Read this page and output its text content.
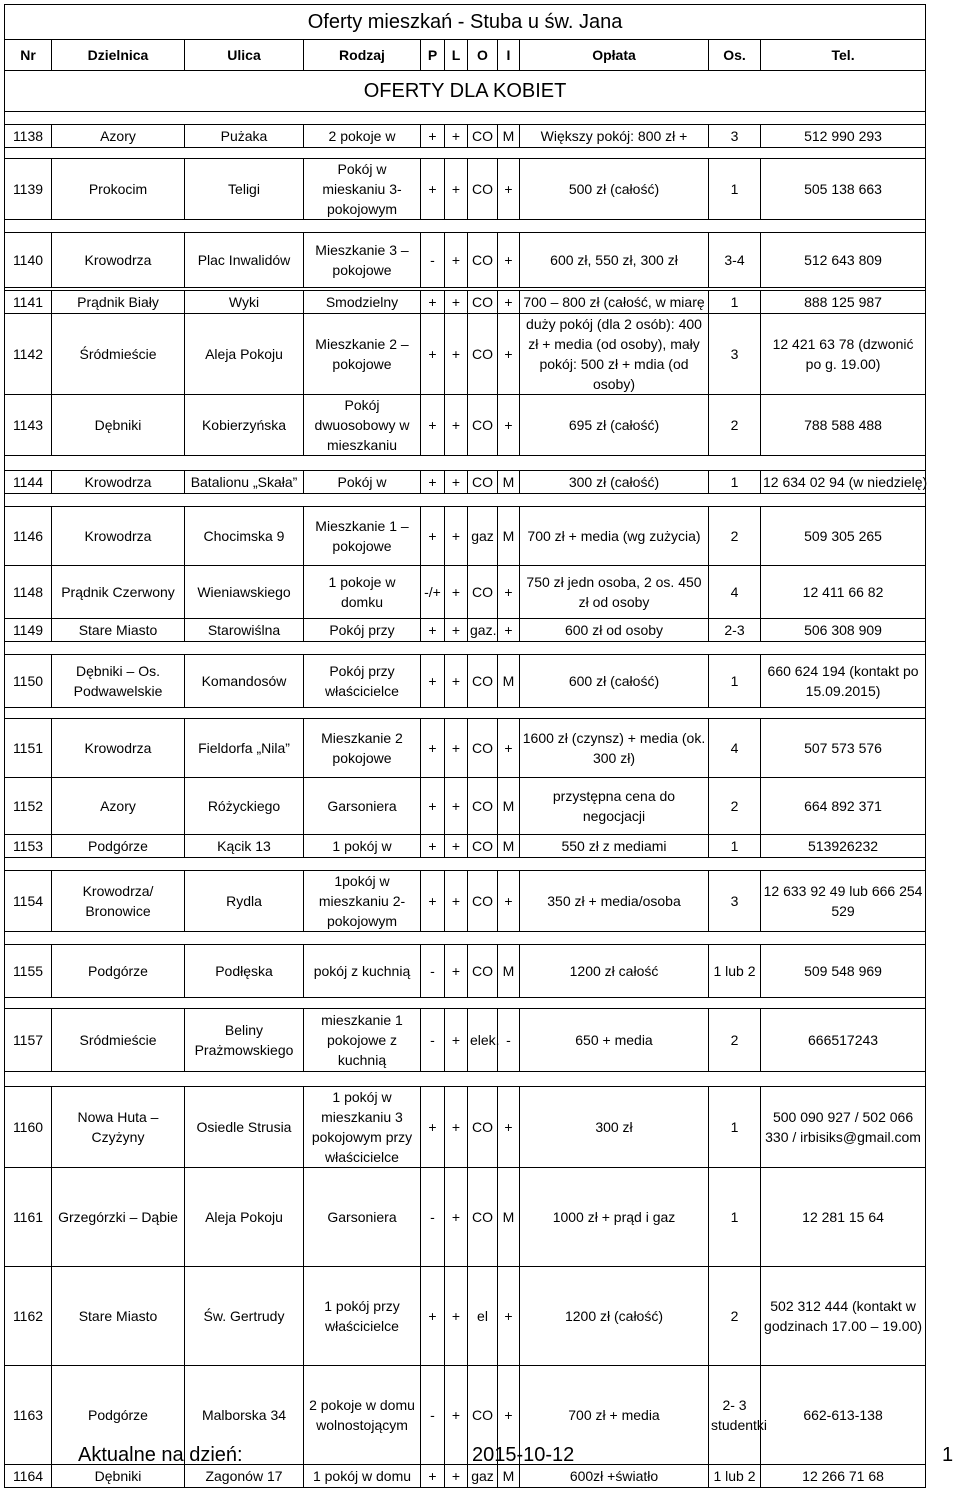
Oferty mieszkań - Stuba u św. Jana										
Nr	Dzielnica	Ulica	Rodzaj	P	L	O	I	Opłata	Os.	Tel.
OFERTY DLA KOBIET										

1138	Azory	Pużaka	2 pokoje w	+	+	CO	M	Większy pokój: 800 zł +	3	512 990 293

1139	Prokocim	Teligi	Pokój w mieskaniu 3-pokojowym	+	+	CO	+	500 zł (całość)	1	505 138 663

1140	Krowodrza	Plac Inwalidów	Mieszkanie 3 – pokojowe	-	+	CO	+	600 zł, 550 zł, 300 zł	3-4	512 643 809

1141	Prądnik Biały	Wyki	Smodzielny	+	+	CO	+	700 – 800 zł (całość, w miarę	1	888 125 987
1142	Śródmieście	Aleja Pokoju	Mieszkanie 2 – pokojowe	+	+	CO	+	duży pokój (dla 2 osób): 400 zł + media (od osoby), mały pokój: 500 zł + mdia (od osoby)	3	12 421 63 78 (dzwonić po g. 19.00)
1143	Dębniki	Kobierzyńska	Pokój dwuosobowy w mieszkaniu	+	+	CO	+	695 zł (całość)	2	788 588 488

1144	Krowodrza	Batalionu „Skała”	Pokój w	+	+	CO	M	300 zł (całość)	1	12 634 02 94 (w niedzielę)

1146	Krowodrza	Chocimska 9	Mieszkanie 1 – pokojowe	+	+	gaz	M	700 zł + media (wg zużycia)	2	509 305 265
1148	Prądnik Czerwony	Wieniawskiego	1 pokoje w domku	-/+	+	CO	+	750 zł jedn osoba, 2 os. 450 zł od osoby	4	12 411 66 82
1149	Stare Miasto	Starowiślna	Pokój przy	+	+	gaz.	+	600 zł od osoby	2-3	506 308 909

1150	Dębniki – Os. Podwawelskie	Komandosów	Pokój przy właścicielce	+	+	CO	M	600 zł (całość)	1	660 624 194 (kontakt po 15.09.2015)

1151	Krowodrza	Fieldorfa „Nila”	Mieszkanie 2 pokojowe	+	+	CO	+	1600 zł (czynsz) + media (ok. 300 zł)	4	507 573 576
1152	Azory	Różyckiego	Garsoniera	+	+	CO	M	przystępna cena do negocjacji	2	664 892 371
1153	Podgórze	Kącik 13	1 pokój w	+	+	CO	M	550 zł z mediami	1	513926232

1154	Krowodrza/ Bronowice	Rydla	1pokój w mieszkaniu 2-pokojowym	+	+	CO	+	350 zł + media/osoba	3	12 633 92 49 lub 666 254 529

1155	Podgórze	Podłęska	pokój z kuchnią	-	+	CO	M	1200 zł całość	1 lub 2	509 548 969

1157	Sródmieście	Beliny Prażmowskiego	mieszkanie 1 pokojowe z kuchnią	-	+	elek.	-	650 + media	2	666517243

1160	Nowa Huta – Czyżyny	Osiedle Strusia	1 pokój w mieszkaniu 3 pokojowym przy właścicielce	+	+	CO	+	300 zł	1	500 090 927 / 502 066 330 / irbisiks@gmail.com
1161	Grzegórzki – Dąbie	Aleja Pokoju	Garsoniera	-	+	CO	M	1000 zł + prąd i gaz	1	12 281 15 64
1162	Stare Miasto	Św. Gertrudy	1 pokój przy właścicielce	+	+	el	+	1200 zł (całość)	2	502 312 444 (kontakt w godzinach 17.00 – 19.00)
1163	Podgórze	Malborska 34	2 pokoje w domu wolnostojącym	-	+	CO	+	700 zł + media	2- 3 studentki	662-613-138
1164	Dębniki	Zagonów 17	1 pokój w domu	+	+	gaz	M	600zł +światło	1 lub 2	12 266 71 68
Aktualne na dzień:	2015-10-12	1
